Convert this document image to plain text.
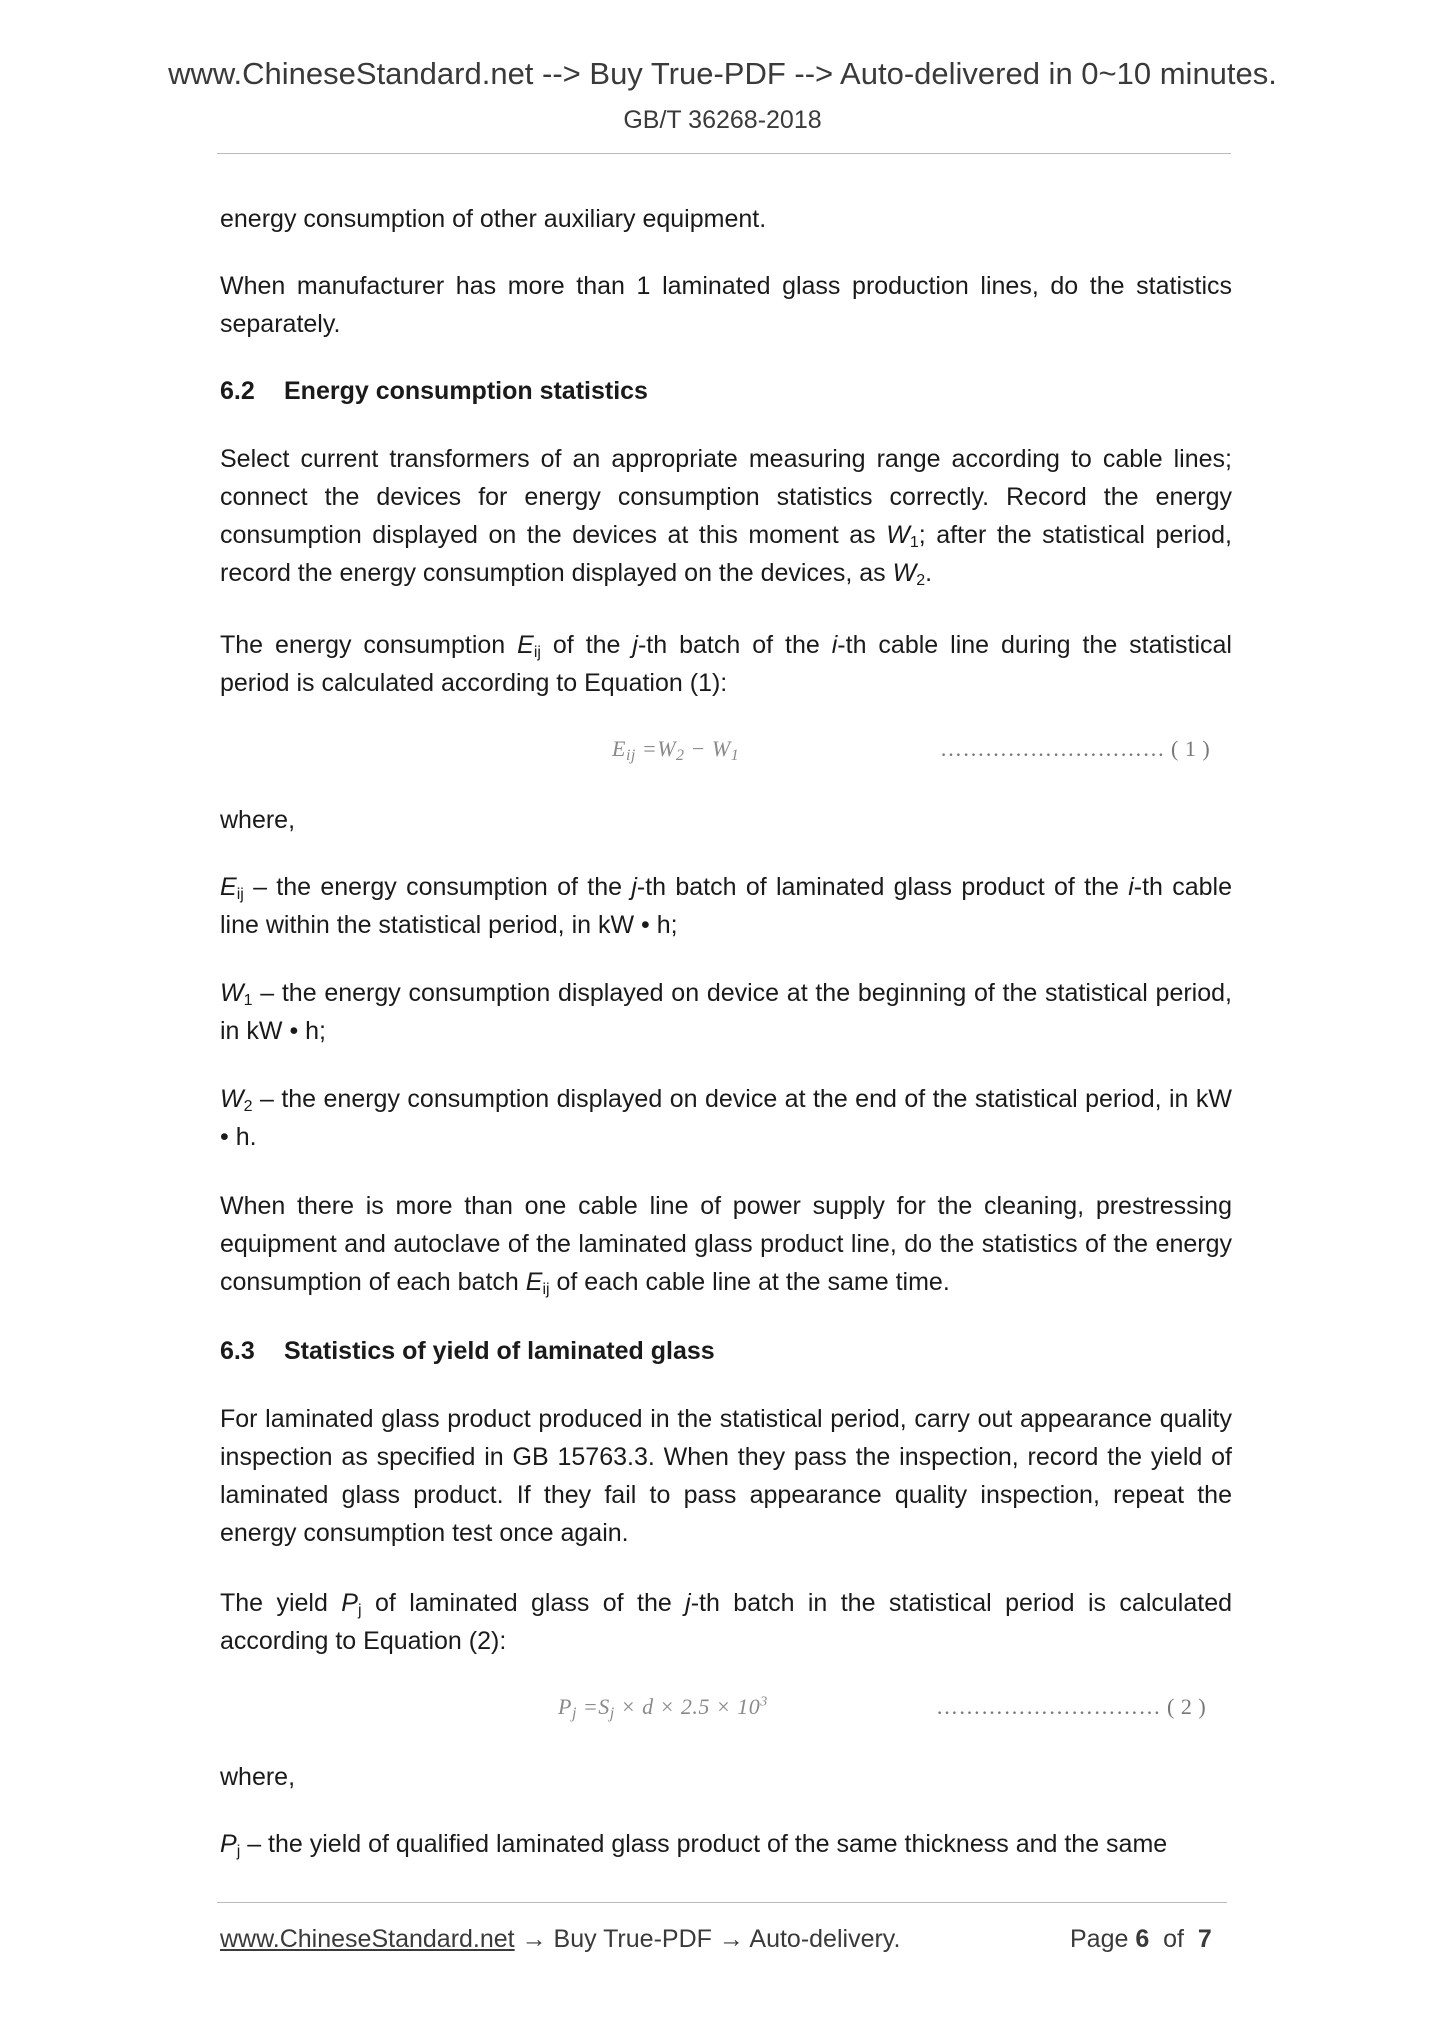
www.ChineseStandard.net --> Buy True-PDF --> Auto-delivered in 0~10 minutes.
GB/T 36268-2018

energy consumption of other auxiliary equipment.

When manufacturer has more than 1 laminated glass production lines, do the statistics separately.

6.2 Energy consumption statistics

Select current transformers of an appropriate measuring range according to cable lines; connect the devices for energy consumption statistics correctly. Record the energy consumption displayed on the devices at this moment as $W_1$; after the statistical period, record the energy consumption displayed on the devices, as $W_2$.

The energy consumption $E_{ij}$ of the j-th batch of the i-th cable line during the statistical period is calculated according to Equation (1):

$E_{ij} =W_2 - W_1$	………………………… ( 1 )

where,

$E_{ij}$ – the energy consumption of the j-th batch of laminated glass product of the i-th cable line within the statistical period, in kW • h;

$W_1$ – the energy consumption displayed on device at the beginning of the statistical period, in kW • h;

$W_2$ – the energy consumption displayed on device at the end of the statistical period, in kW • h.

When there is more than one cable line of power supply for the cleaning, prestressing equipment and autoclave of the laminated glass product line, do the statistics of the energy consumption of each batch $E_{ij}$ of each cable line at the same time.

6.3 Statistics of yield of laminated glass

For laminated glass product produced in the statistical period, carry out appearance quality inspection as specified in GB 15763.3. When they pass the inspection, record the yield of laminated glass product. If they fail to pass appearance quality inspection, repeat the energy consumption test once again.

The yield $P_j$ of laminated glass of the j-th batch in the statistical period is calculated according to Equation (2):

$P_j =S_j \times d \times 2.5 \times 10^3$	………………………… ( 2 )

where,

$P_j$ – the yield of qualified laminated glass product of the same thickness and the same

www.ChineseStandard.net → Buy True-PDF → Auto-delivery.	Page 6 of 7
